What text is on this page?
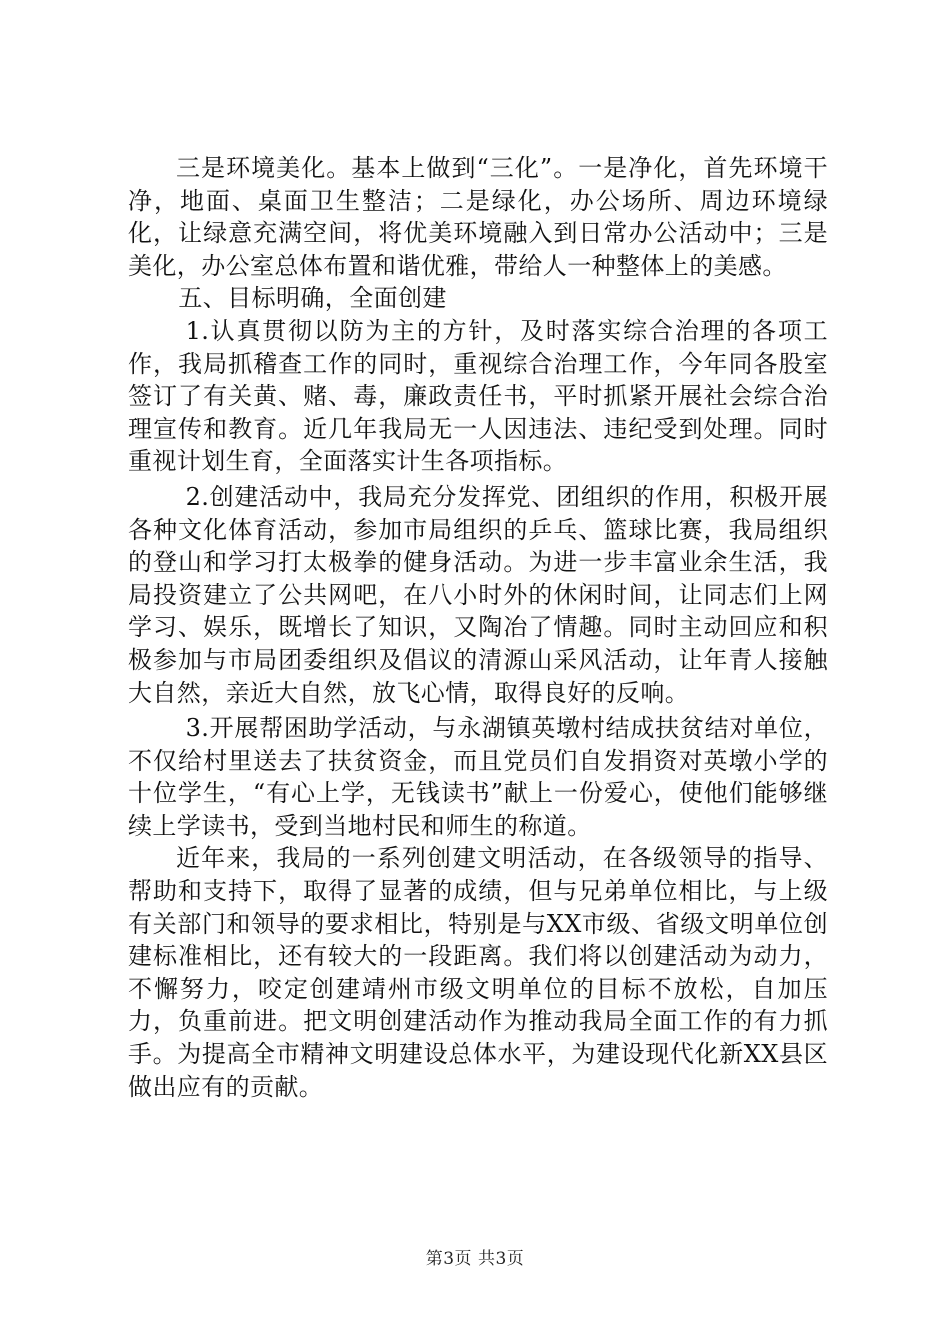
三是环境美化。基本上做到“三化”。一是净化，首先环境干净，地面、桌面卫生整洁；二是绿化，办公场所、周边环境绿化，让绿意充满空间，将优美环境融入到日常办公活动中；三是美化，办公室总体布置和谐优雅，带给人一种整体上的美感。

五、目标明确，全面创建

1.认真贯彻以防为主的方针，及时落实综合治理的各项工作，我局抓稽查工作的同时，重视综合治理工作，今年同各股室签订了有关黄、赌、毒，廉政责任书，平时抓紧开展社会综合治理宣传和教育。近几年我局无一人因违法、违纪受到处理。同时重视计划生育，全面落实计生各项指标。

2.创建活动中，我局充分发挥党、团组织的作用，积极开展各种文化体育活动，参加市局组织的乒乓、篮球比赛，我局组织的登山和学习打太极拳的健身活动。为进一步丰富业余生活，我局投资建立了公共网吧，在八小时外的休闲时间，让同志们上网学习、娱乐，既增长了知识，又陶冶了情趣。同时主动回应和积极参加与市局团委组织及倡议的清源山采风活动，让年青人接触大自然，亲近大自然，放飞心情，取得良好的反响。

3.开展帮困助学活动，与永湖镇英墩村结成扶贫结对单位，不仅给村里送去了扶贫资金，而且党员们自发捐资对英墩小学的十位学生，“有心上学，无钱读书”献上一份爱心，使他们能够继续上学读书，受到当地村民和师生的称道。

近年来，我局的一系列创建文明活动，在各级领导的指导、帮助和支持下，取得了显著的成绩，但与兄弟单位相比，与上级有关部门和领导的要求相比，特别是与XX市级、省级文明单位创建标准相比，还有较大的一段距离。我们将以创建活动为动力，不懈努力，咬定创建靖州市级文明单位的目标不放松，自加压力，负重前进。把文明创建活动作为推动我局全面工作的有力抓手。为提高全市精神文明建设总体水平，为建设现代化新XX县区做出应有的贡献。

第3页 共3页
